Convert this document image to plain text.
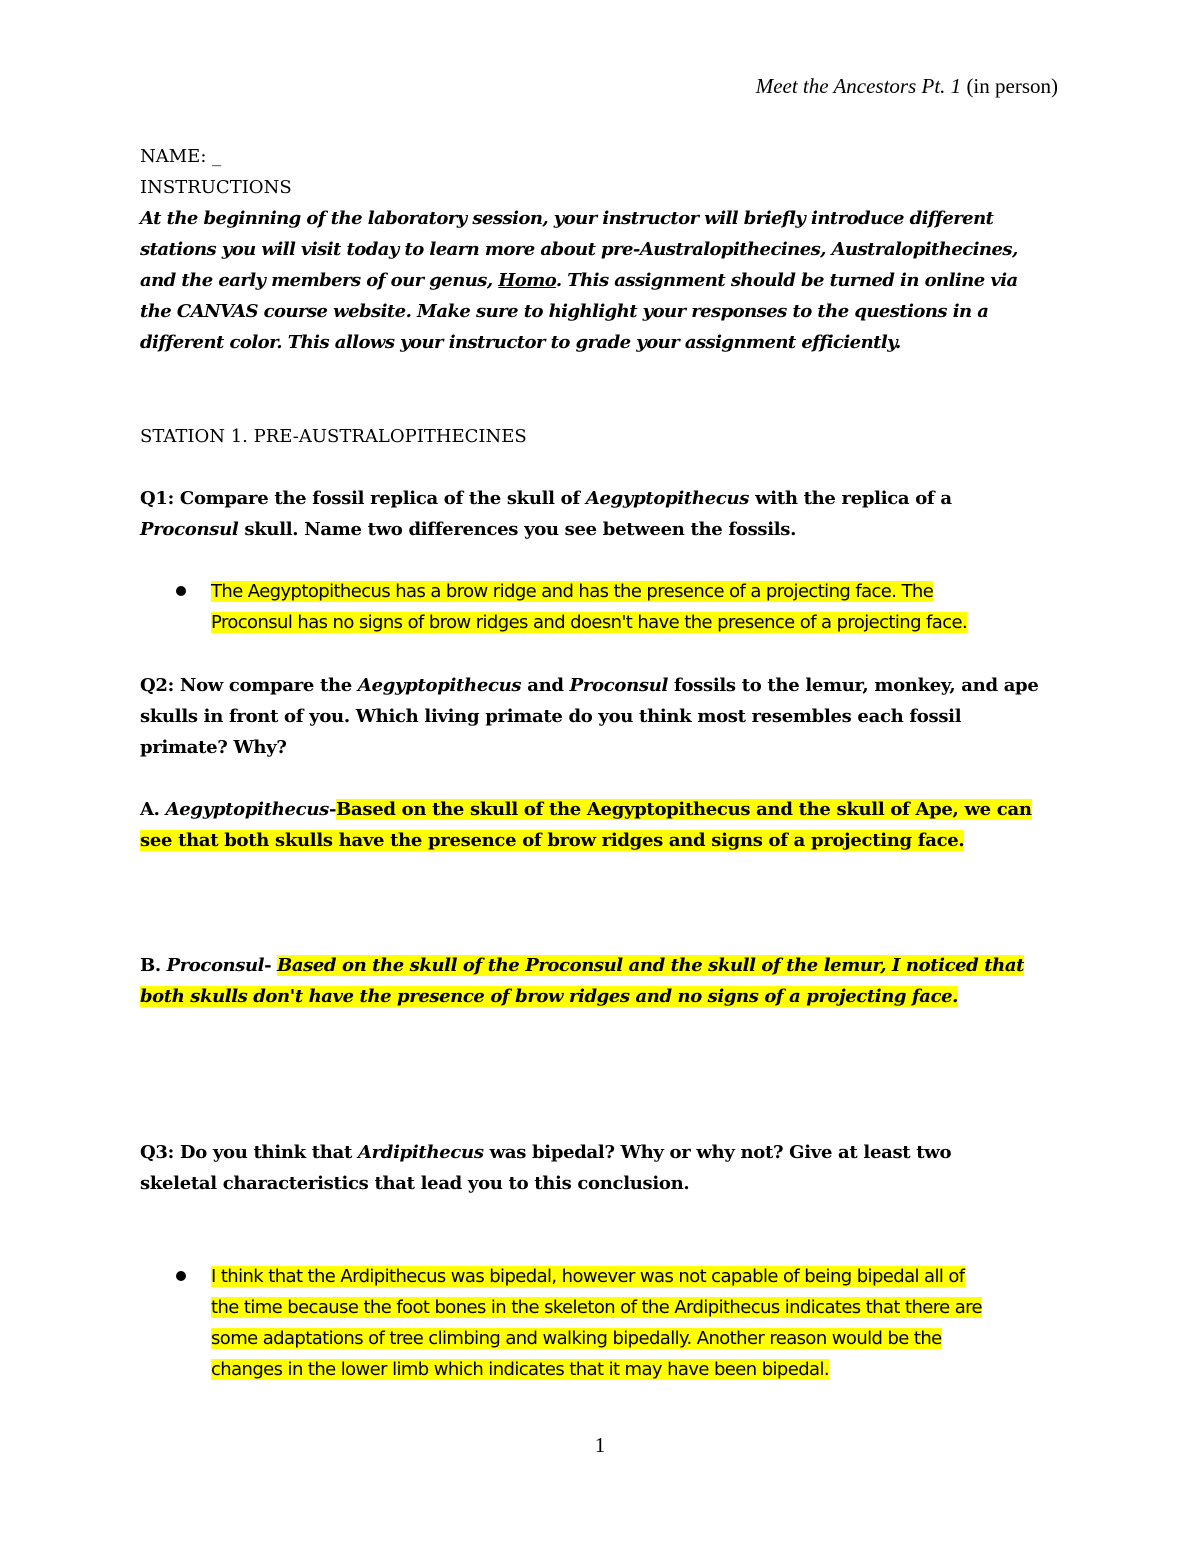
Meet the Ancestors Pt. 1 (in person)
NAME: _
INSTRUCTIONS
At the beginning of the laboratory session, your instructor will briefly introduce different
stations you will visit today to learn more about pre-Australopithecines, Australopithecines,
and the early members of our genus, Homo. This assignment should be turned in online via
the CANVAS course website. Make sure to highlight your responses to the questions in a
different color. This allows your instructor to grade your assignment efficiently.
STATION 1. PRE-AUSTRALOPITHECINES
Q1: Compare the fossil replica of the skull of Aegyptopithecus with the replica of a
Proconsul skull. Name two differences you see between the fossils.
The Aegyptopithecus has a brow ridge and has the presence of a projecting face. The
Proconsul has no signs of brow ridges and doesn't have the presence of a projecting face.
Q2: Now compare the Aegyptopithecus and Proconsul fossils to the lemur, monkey, and ape
skulls in front of you. Which living primate do you think most resembles each fossil
primate? Why?
A. Aegyptopithecus-Based on the skull of the Aegyptopithecus and the skull of Ape, we can
see that both skulls have the presence of brow ridges and signs of a projecting face.
B. Proconsul- Based on the skull of the Proconsul and the skull of the lemur, I noticed that
both skulls don't have the presence of brow ridges and no signs of a projecting face.
Q3: Do you think that Ardipithecus was bipedal? Why or why not? Give at least two
skeletal characteristics that lead you to this conclusion.
I think that the Ardipithecus was bipedal, however was not capable of being bipedal all of
the time because the foot bones in the skeleton of the Ardipithecus indicates that there are
some adaptations of tree climbing and walking bipedally. Another reason would be the
changes in the lower limb which indicates that it may have been bipedal.
1
